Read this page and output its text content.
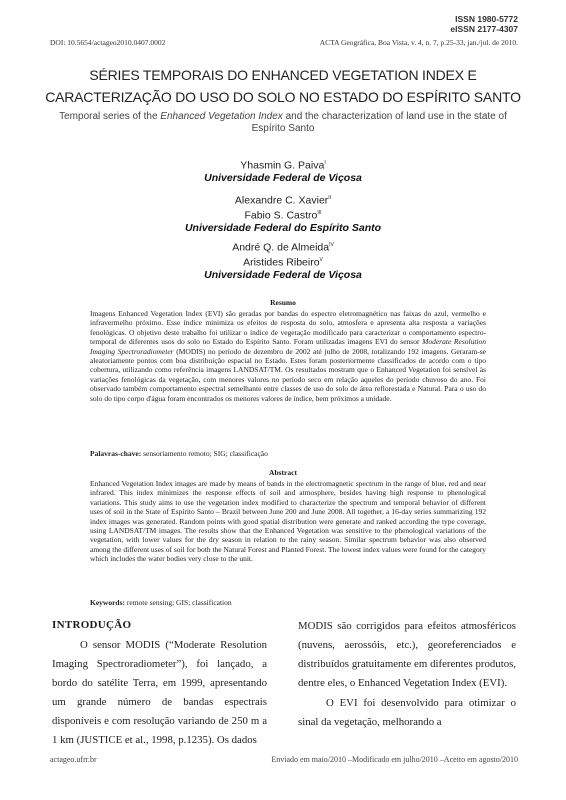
ISSN 1980-5772
eISSN 2177-4307
DOI: 10.5654/actageo2010.0407.0002	ACTA Geográfica, Boa Vista, v. 4, n. 7, p.25-33, jan./jul. de 2010.
SÉRIES TEMPORAIS DO ENHANCED VEGETATION INDEX E
CARACTERIZAÇÃO DO USO DO SOLO NO ESTADO DO ESPÍRITO SANTO
Temporal series of the Enhanced Vegetation Index and the characterization of land use in the state of Espírito Santo
Yhasmin G. Paiva$^I$
Universidade Federal de Viçosa
Alexandre C. Xavier$^{II}$
Fabio S. Castro$^{III}$
Universidade Federal do Espírito Santo
André Q. de Almeida$^{IV}$
Aristides Ribeiro$^V$
Universidade Federal de Viçosa
Resumo
Imagens Enhanced Vegetation Index (EVI) são geradas por bandas do espectro eletromagnético nas faixas do azul, vermelho e infravermelho próximo. Esse índice minimiza os efeitos de resposta do solo, atmosfera e apresenta alta resposta a variações fenológicas. O objetivo deste trabalho foi utilizar o índice de vegetação modificado para caracterizar o comportamento espectro-temporal de diferentes usos do solo no Estado do Espírito Santo. Foram utilizadas imagens EVI do sensor Moderate Resolution Imaging Spectroradiometer (MODIS) no período de dezembro de 2002 até julho de 2008, totalizando 192 imagens. Geraram-se aleatoriamente pontos com boa distribuição espacial no Estado. Estes foram posteriormente classificados de acordo com o tipo cobertura, utilizando como referência imagens LANDSAT/TM. Os resultados mostram que o Enhanced Vegetation foi sensível às variações fenológicas da vegetação, com menores valores no período seco em relação aqueles do período chuvoso do ano. Foi observado também comportamento espectral semelhante entre classes de uso do solo de área reflorestada e Natural. Para o uso do solo do tipo corpo d'água foram encontrados os menores valores de índice, bem próximos a unidade.
Palavras-chave: sensoriamento remoto; SIG; classificação
Abstract
Enhanced Vegetation Index images are made by means of bands in the electromagnetic spectrum in the range of blue, red and near infrared. This index minimizes the response effects of soil and atmosphere, besides having high response to phenological variations. This study aims to use the vegetation index modified to characterize the spectrum and temporal behavior of different uses of soil in the State of Espírito Santo – Brazil between June 200 and June 2008. All together, a 16-day series summarizing 192 index images was generated. Random points with good spatial distribution were generate and ranked according the type coverage, using LANDSAT/TM images. The results show that the Enhanced Vegetation was sensitive to the phenological variations of the vegetation, with lower values for the dry season in relation to the rainy season. Similar spectrum behavior was also observed among the different uses of soil for both the Natural Forest and Planted Forest. The lowest index values were found for the category which includes the water bodies very close to the unit.
Keywords: remote sensing; GIS; classification
INTRODUÇÃO

O sensor MODIS (“Moderate Resolution Imaging Spectroradiometer”), foi lançado, a bordo do satélite Terra, em 1999, apresentando um grande número de bandas espectrais disponíveis e com resolução variando de 250 m a 1 km (JUSTICE et al., 1998, p.1235). Os dados

MODIS são corrigidos para efeitos atmosféricos (nuvens, aerossóis, etc.), georeferenciados e distribuídos gratuitamente em diferentes produtos, dentre eles, o Enhanced Vegetation Index (EVI).

O EVI foi desenvolvido para otimizar o sinal da vegetação, melhorando a

actageo.ufrr.br	Enviado em maio/2010 –Modificado em julho/2010 –Aceito em agosto/2010
